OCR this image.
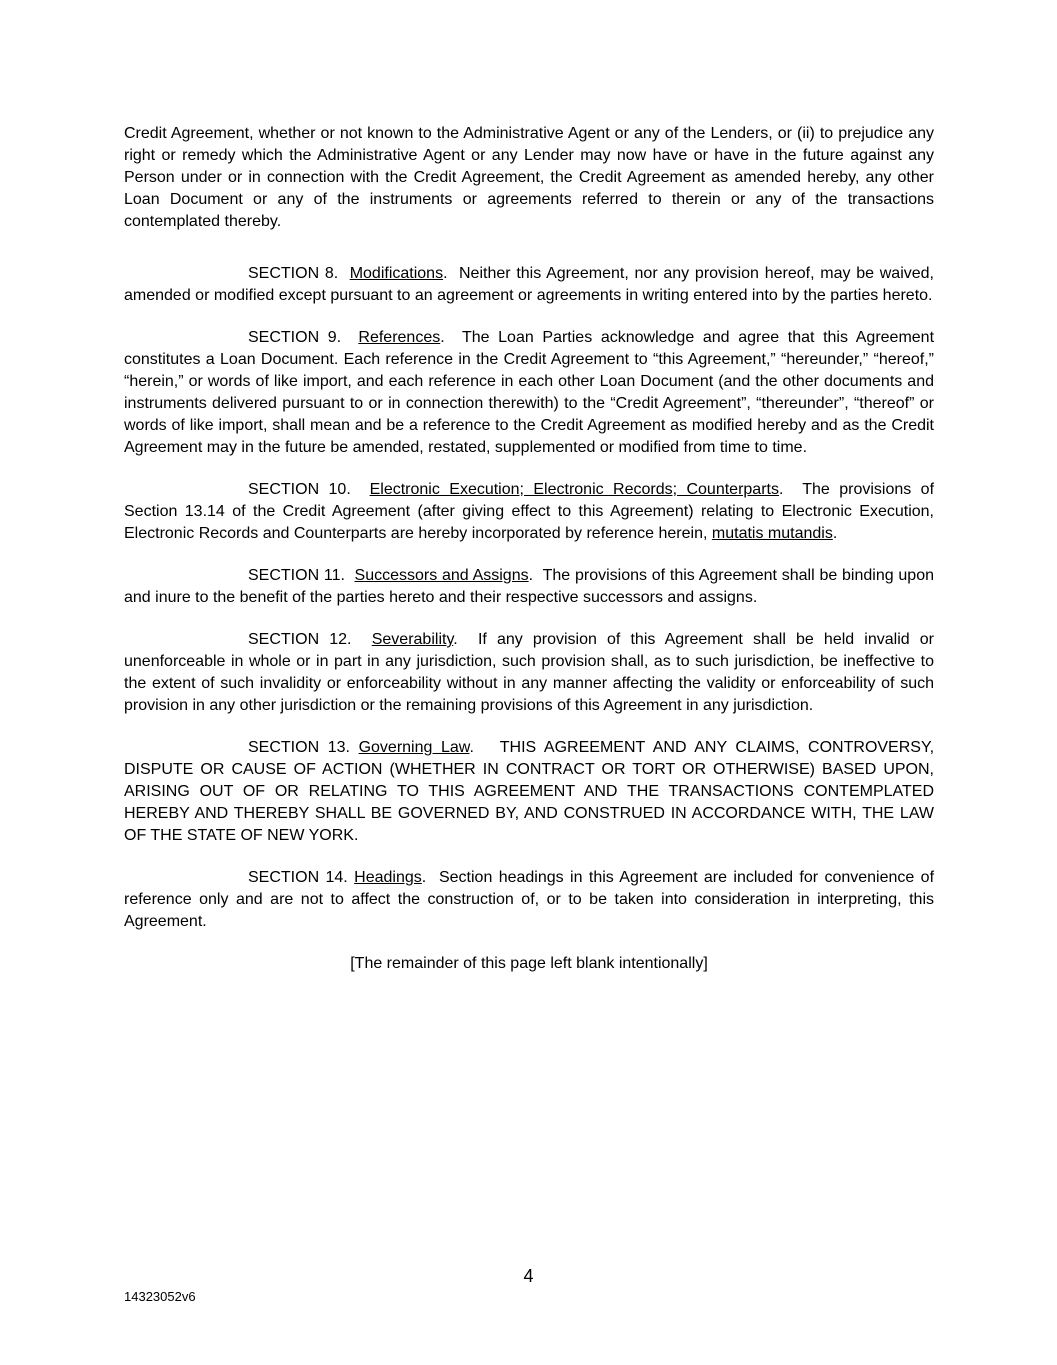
Credit Agreement, whether or not known to the Administrative Agent or any of the Lenders, or (ii) to prejudice any right or remedy which the Administrative Agent or any Lender may now have or have in the future against any Person under or in connection with the Credit Agreement, the Credit Agreement as amended hereby, any other Loan Document or any of the instruments or agreements referred to therein or any of the transactions contemplated thereby.

SECTION 8. Modifications.  Neither this Agreement, nor any provision hereof, may be waived, amended or modified except pursuant to an agreement or agreements in writing entered into by the parties hereto.

SECTION 9. References.  The Loan Parties acknowledge and agree that this Agreement constitutes a Loan Document. Each reference in the Credit Agreement to “this Agreement,” “hereunder,” “hereof,” “herein,” or words of like import, and each reference in each other Loan Document (and the other documents and instruments delivered pursuant to or in connection therewith) to the “Credit Agreement”, “thereunder”, “thereof” or words of like import, shall mean and be a reference to the Credit Agreement as modified hereby and as the Credit Agreement may in the future be amended, restated, supplemented or modified from time to time.

SECTION 10. Electronic Execution; Electronic Records; Counterparts.  The provisions of Section 13.14 of the Credit Agreement (after giving effect to this Agreement) relating to Electronic Execution, Electronic Records and Counterparts are hereby incorporated by reference herein, mutatis mutandis.

SECTION 11. Successors and Assigns.  The provisions of this Agreement shall be binding upon and inure to the benefit of the parties hereto and their respective successors and assigns.

SECTION 12. Severability.  If any provision of this Agreement shall be held invalid or unenforceable in whole or in part in any jurisdiction, such provision shall, as to such jurisdiction, be ineffective to the extent of such invalidity or enforceability without in any manner affecting the validity or enforceability of such provision in any other jurisdiction or the remaining provisions of this Agreement in any jurisdiction.

SECTION 13. Governing Law.   THIS AGREEMENT AND ANY CLAIMS, CONTROVERSY, DISPUTE OR CAUSE OF ACTION (WHETHER IN CONTRACT OR TORT OR OTHERWISE) BASED UPON, ARISING OUT OF OR RELATING TO THIS AGREEMENT AND THE TRANSACTIONS CONTEMPLATED HEREBY AND THEREBY SHALL BE GOVERNED BY, AND CONSTRUED IN ACCORDANCE WITH, THE LAW OF THE STATE OF NEW YORK.

SECTION 14. Headings.  Section headings in this Agreement are included for convenience of reference only and are not to affect the construction of, or to be taken into consideration in interpreting, this Agreement.

[The remainder of this page left blank intentionally]
4
14323052v6
